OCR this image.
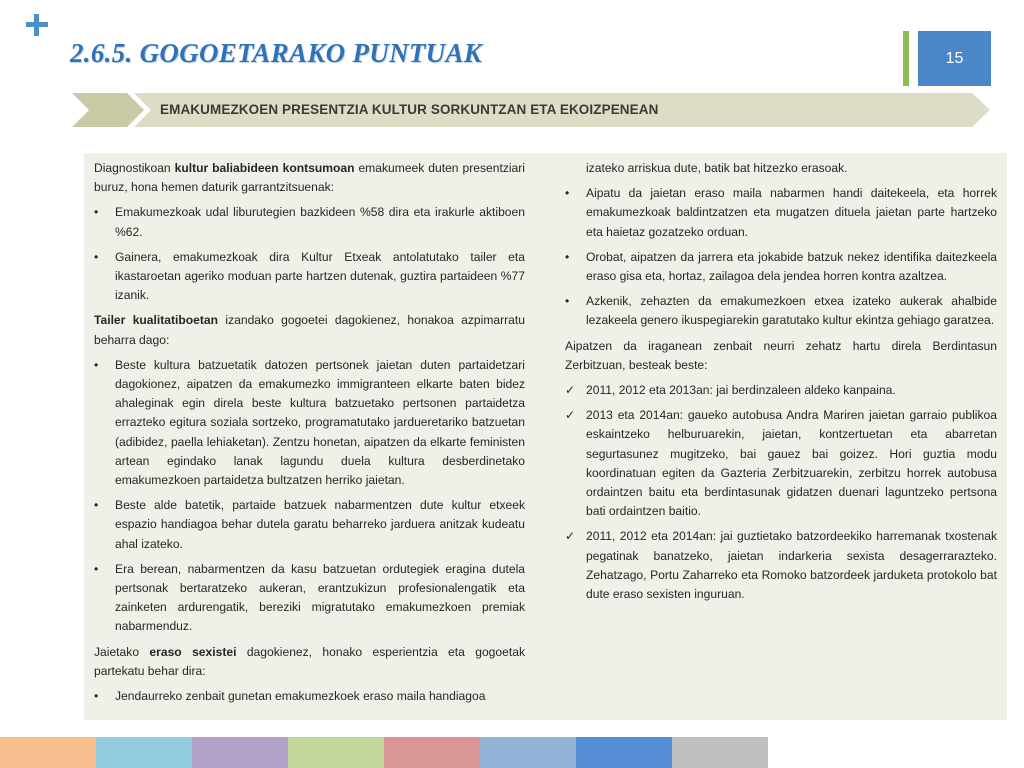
2.6.5. GOGOETARAKO PUNTUAK	15
EMAKUMEZKOEN PRESENTZIA KULTUR SORKUNTZAN ETA EKOIZPENEAN

Diagnostikoan kultur baliabideen kontsumoan emakumeek duten presentziari buruz, hona hemen daturik garrantzitsuenak:

•	Emakumezkoak udal liburutegien bazkideen %58 dira eta irakurle aktiboen %62.
•	Gainera, emakumezkoak dira Kultur Etxeak antolatutako tailer eta ikastaroetan ageriko moduan parte hartzen dutenak, guztira partaideen %77 izanik.

Tailer kualitatiboetan izandako gogoetei dagokienez, honakoa azpimarratu beharra dago:

•	Beste kultura batzuetatik datozen pertsonek jaietan duten partaidetzari dagokionez, aipatzen da emakumezko immigranteen elkarte baten bidez ahaleginak egin direla beste kultura batzuetako pertsonen partaidetza errazteko egitura soziala sortzeko, programatutako jardueretariko batzuetan (adibidez, paella lehiaketan). Zentzu honetan, aipatzen da elkarte feministen artean egindako lanak lagundu duela kultura desberdinetako emakumezkoen partaidetza bultzatzen herriko jaietan.
•	Beste alde batetik, partaide batzuek nabarmentzen dute kultur etxeek espazio handiagoa behar dutela garatu beharreko jarduera anitzak kudeatu ahal izateko.
•	Era berean, nabarmentzen da kasu batzuetan ordutegiek eragina dutela pertsonak bertaratzeko aukeran, erantzukizun profesionalengatik eta zainketen ardurengatik, bereziki migratutako emakumezkoen premiak nabarmenduz.

Jaietako eraso sexistei dagokienez, honako esperientzia eta gogoetak partekatu behar dira:

•	Jendaurreko zenbait gunetan emakumezkoek eraso maila handiagoa
izateko arriskua dute, batik bat hitzezko erasoak.
•	Aipatu da jaietan eraso maila nabarmen handi daitekeela, eta horrek emakumezkoak baldintzatzen eta mugatzen dituela jaietan parte hartzeko eta haietaz gozatzeko orduan.
•	Orobat, aipatzen da jarrera eta jokabide batzuk nekez identifika daitezkeela eraso gisa eta, hortaz, zailagoa dela jendea horren kontra azaltzea.
•	Azkenik, zehazten da emakumezkoen etxea izateko aukerak ahalbide lezakeela genero ikuspegiarekin garatutako kultur ekintza gehiago garatzea.

Aipatzen da iraganean zenbait neurri zehatz hartu direla Berdintasun Zerbitzuan, besteak beste:

✓ 2011, 2012 eta 2013an: jai berdinzaleen aldeko kanpaina.
✓ 2013 eta 2014an: gaueko autobusa Andra Mariren jaietan garraio publikoa eskaintzeko helburuarekin, jaietan, kontzertuetan eta abarretan segurtasunez mugitzeko, bai gauez bai goizez. Hori guztia modu koordinatuan egiten da Gazteria Zerbitzuarekin, zerbitzu horrek autobusa ordaintzen baitu eta berdintasunak gidatzen duenari laguntzeko pertsona bati ordaintzen baitio.
✓ 2011, 2012 eta 2014an: jai guztietako batzordeekiko harremanak txostenak pegatinak banatzeko, jaietan indarkeria sexista desagerrarazteko. Zehatzago, Portu Zaharreko eta Romoko batzordeek jarduketa protokolo bat dute eraso sexisten inguruan.
